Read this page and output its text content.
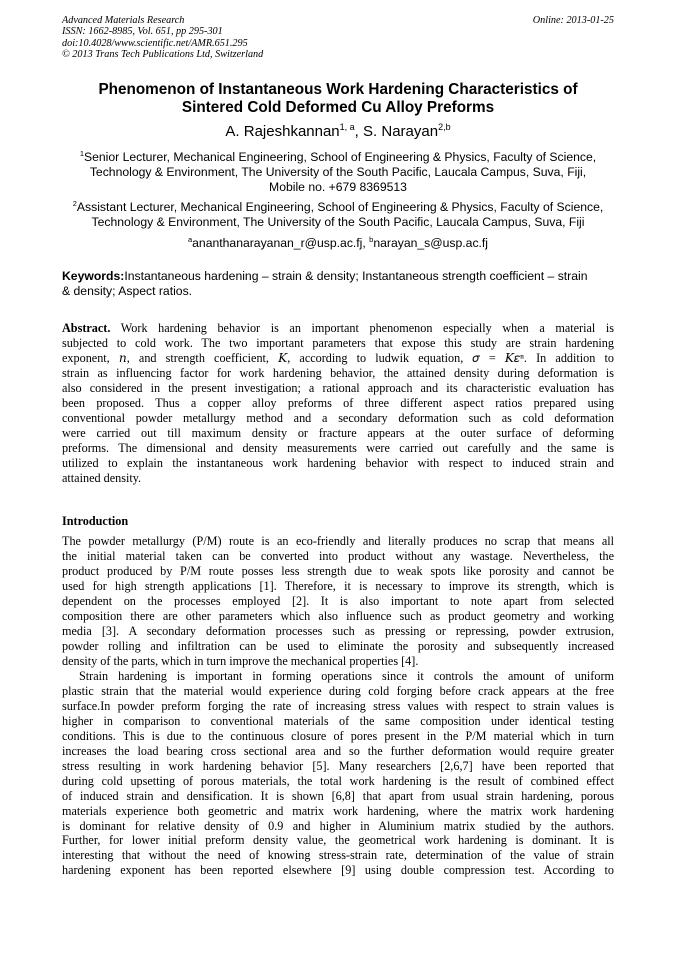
Advanced Materials Research
ISSN: 1662-8985, Vol. 651, pp 295-301
doi:10.4028/www.scientific.net/AMR.651.295
© 2013 Trans Tech Publications Ltd, Switzerland
Online: 2013-01-25
Phenomenon of Instantaneous Work Hardening Characteristics of
Sintered Cold Deformed Cu Alloy Preforms
A. Rajeshkannan$^{1, a}$, S. Narayan$^{2,b}$
$^1$Senior Lecturer, Mechanical Engineering, School of Engineering & Physics, Faculty of Science,
Technology & Environment, The University of the South Pacific, Laucala Campus, Suva, Fiji,
Mobile no. +679 8369513
$^2$Assistant Lecturer, Mechanical Engineering, School of Engineering & Physics, Faculty of Science,
Technology & Environment, The University of the South Pacific, Laucala Campus, Suva, Fiji
$^a$ananthanarayanan_r@usp.ac.fj, $^b$narayan_s@usp.ac.fj
Keywords:Instantaneous hardening – strain & density; Instantaneous strength coefficient – strain
& density; Aspect ratios.
Abstract. Work hardening behavior is an important phenomenon especially when a material is
subjected to cold work. The two important parameters that expose this study are strain hardening
exponent, 𝑛, and strength coefficient, 𝐾, according to ludwik equation, 𝜎 = 𝐾𝜀ⁿ. In addition to
strain as influencing factor for work hardening behavior, the attained density during deformation is
also considered in the present investigation; a rational approach and its characteristic evaluation has
been proposed. Thus a copper alloy preforms of three different aspect ratios prepared using
conventional powder metallurgy method and a secondary deformation such as cold deformation
were carried out till maximum density or fracture appears at the outer surface of deforming
preforms. The dimensional and density measurements were carried out carefully and the same is
utilized to explain the instantaneous work hardening behavior with respect to induced strain and
attained density.
Introduction
The powder metallurgy (P/M) route is an eco-friendly and literally produces no scrap that means all
the initial material taken can be converted into product without any wastage. Nevertheless, the
product produced by P/M route posses less strength due to weak spots like porosity and cannot be
used for high strength applications [1]. Therefore, it is necessary to improve its strength, which is
dependent on the processes employed [2]. It is also important to note apart from selected
composition there are other parameters which also influence such as product geometry and working
media [3]. A secondary deformation processes such as pressing or repressing, powder extrusion,
powder rolling and infiltration can be used to eliminate the porosity and subsequently increased
density of the parts, which in turn improve the mechanical properties [4].
Strain hardening is important in forming operations since it controls the amount of uniform
plastic strain that the material would experience during cold forging before crack appears at the free
surface.In powder preform forging the rate of increasing stress values with respect to strain values is
higher in comparison to conventional materials of the same composition under identical testing
conditions. This is due to the continuous closure of pores present in the P/M material which in turn
increases the load bearing cross sectional area and so the further deformation would require greater
stress resulting in work hardening behavior [5]. Many researchers [2,6,7] have been reported that
during cold upsetting of porous materials, the total work hardening is the result of combined effect
of induced strain and densification. It is shown [6,8] that apart from usual strain hardening, porous
materials experience both geometric and matrix work hardening, where the matrix work hardening
is dominant for relative density of 0.9 and higher in Aluminium matrix studied by the authors.
Further, for lower initial preform density value, the geometrical work hardening is dominant. It is
interesting that without the need of knowing stress-strain rate, determination of the value of strain
hardening exponent has been reported elsewhere [9] using double compression test. According to
